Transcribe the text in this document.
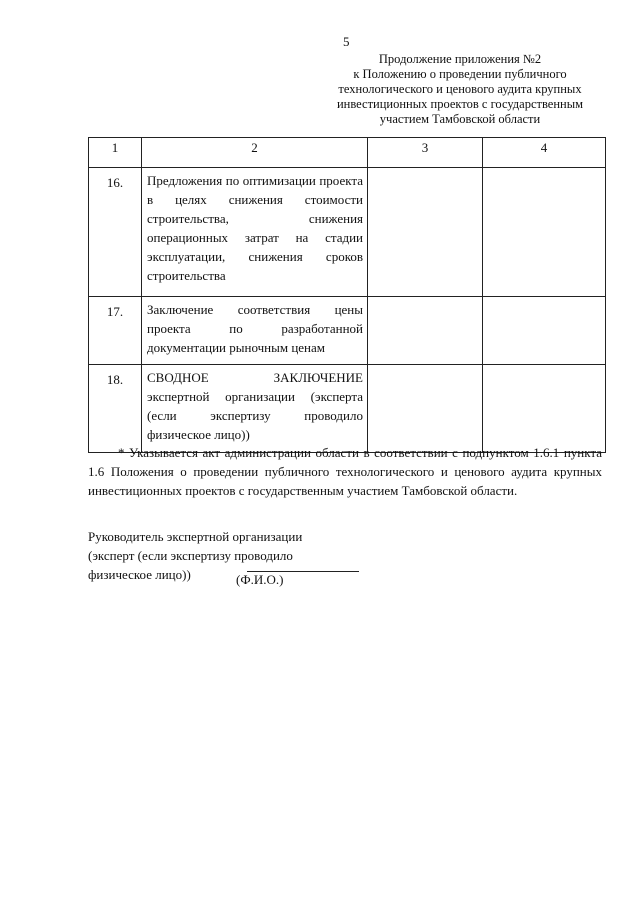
5
Продолжение приложения №2
к Положению о проведении публичного
технологического и ценового аудита крупных
инвестиционных проектов с государственным
участием Тамбовской области
1	2	3	4
16.	Предложения по оптимизации проекта в целях снижения стоимости строительства, снижения операционных затрат на стадии эксплуатации, снижения сроков строительства		
17.	Заключение соответствия цены проекта по разработанной документации рыночным ценам		
18.	СВОДНОЕ ЗАКЛЮЧЕНИЕ экспертной организации (эксперта (если экспертизу проводило физическое лицо))		
* Указывается акт администрации области в соответствии с подпунктом 1.6.1 пункта 1.6 Положения о проведении публичного технологического и ценового аудита крупных инвестиционных проектов с государственным участием Тамбовской области.
Руководитель экспертной организации
(эксперт (если экспертизу проводило
физическое лицо))	(Ф.И.О.)
